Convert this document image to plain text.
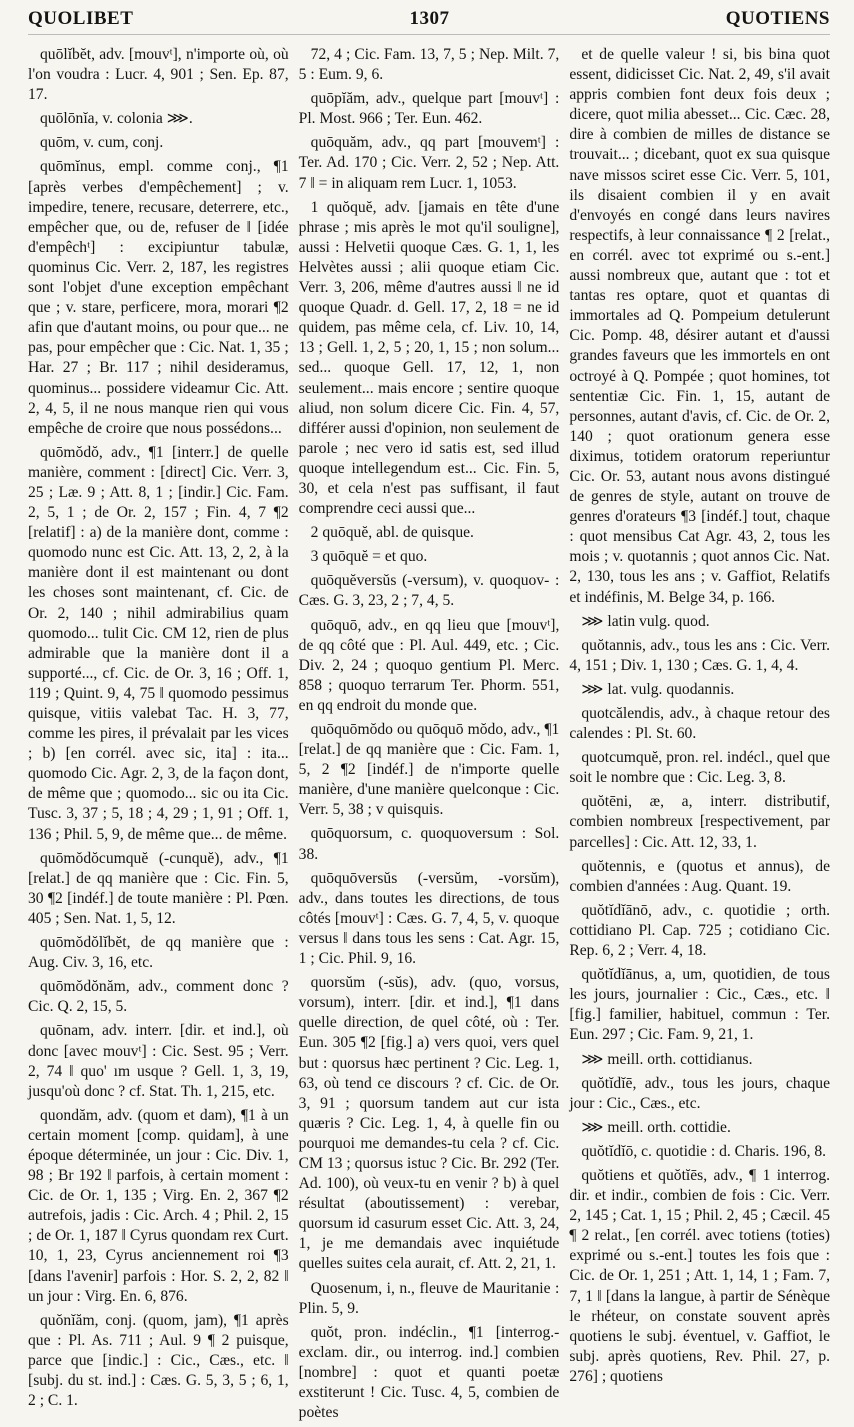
QUOLIBET	1307	QUOTIENS

quōlĭbĕt, adv. [mouvᵗ], n'importe où, où l'on voudra : Lucr. 4, 901 ; Sen. Ep. 87, 17.

quōlōnĭa, v. colonia ⋙.

quōm, v. cum, conj.

quōmĭnus, empl. comme conj., ¶1 [après verbes d'empêchement] ; v. impedire, tenere, recusare, deterrere, etc., empêcher que, ou de, refuser de ‖ [idée d'empêchᵗ] : excipiuntur tabulæ, quominus Cic. Verr. 2, 187, les registres sont l'objet d'une exception empêchant que ; v. stare, perficere, mora, morari ¶2 afin que d'autant moins, ou pour que... ne pas, pour empêcher que : Cic. Nat. 1, 35 ; Har. 27 ; Br. 117 ; nihil desideramus, quominus... possidere videamur Cic. Att. 2, 4, 5, il ne nous manque rien qui vous empêche de croire que nous possédons...

quōmŏdŏ, adv., ¶1 [interr.] de quelle manière, comment : [direct] Cic. Verr. 3, 25 ; Læ. 9 ; Att. 8, 1 ; [indir.] Cic. Fam. 2, 5, 1 ; de Or. 2, 157 ; Fin. 4, 7 ¶2 [relatif] : a) de la manière dont, comme : quomodo nunc est Cic. Att. 13, 2, 2, à la manière dont il est maintenant ou dont les choses sont maintenant, cf. Cic. de Or. 2, 140 ; nihil admirabilius quam quomodo... tulit Cic. CM 12, rien de plus admirable que la manière dont il a supporté..., cf. Cic. de Or. 3, 16 ; Off. 1, 119 ; Quint. 9, 4, 75 ‖ quomodo pessimus quisque, vitiis valebat Tac. H. 3, 77, comme les pires, il prévalait par les vices ; b) [en corrél. avec sic, ita] : ita... quomodo Cic. Agr. 2, 3, de la façon dont, de même que ; quomodo... sic ou ita Cic. Tusc. 3, 37 ; 5, 18 ; 4, 29 ; 1, 91 ; Off. 1, 136 ; Phil. 5, 9, de même que... de même.

quōmŏdŏcumquĕ (-cunquĕ), adv., ¶1 [relat.] de qq manière que : Cic. Fin. 5, 30 ¶2 [indéf.] de toute manière : Pl. Pœn. 405 ; Sen. Nat. 1, 5, 12.

quōmŏdŏlĭbĕt, de qq manière que : Aug. Civ. 3, 16, etc.

quōmŏdŏnăm, adv., comment donc ? Cic. Q. 2, 15, 5.

quōnam, adv. interr. [dir. et ind.], où donc [avec mouvᵗ] : Cic. Sest. 95 ; Verr. 2, 74 ‖ quo' ım usque ? Gell. 1, 3, 19, jusqu'où donc ? cf. Stat. Th. 1, 215, etc.

quondăm, adv. (quom et dam), ¶1 à un certain moment [comp. quidam], à une époque déterminée, un jour : Cic. Div. 1, 98 ; Br 192 ‖ parfois, à certain moment : Cic. de Or. 1, 135 ; Virg. En. 2, 367 ¶2 autrefois, jadis : Cic. Arch. 4 ; Phil. 2, 15 ; de Or. 1, 187 ‖ Cyrus quondam rex Curt. 10, 1, 23, Cyrus anciennement roi ¶3 [dans l'avenir] parfois : Hor. S. 2, 2, 82 ‖ un jour : Virg. En. 6, 876.

quŏnĭăm, conj. (quom, jam), ¶1 après que : Pl. As. 711 ; Aul. 9 ¶ 2 puisque, parce que [indic.] : Cic., Cæs., etc. ‖ [subj. du st. ind.] : Cæs. G. 5, 3, 5 ; 6, 1, 2 ; C. 1.

72, 4 ; Cic. Fam. 13, 7, 5 ; Nep. Milt. 7, 5 : Eum. 9, 6.

quōpĭăm, adv., quelque part [mouvᵗ] : Pl. Most. 966 ; Ter. Eun. 462.

quōquăm, adv., qq part [mouvemᵗ] : Ter. Ad. 170 ; Cic. Verr. 2, 52 ; Nep. Att. 7 ‖ = in aliquam rem Lucr. 1, 1053.

1 quŏquĕ, adv. [jamais en tête d'une phrase ; mis après le mot qu'il souligne], aussi : Helvetii quoque Cæs. G. 1, 1, les Helvètes aussi ; alii quoque etiam Cic. Verr. 3, 206, même d'autres aussi ‖ ne id quoque Quadr. d. Gell. 17, 2, 18 = ne id quidem, pas même cela, cf. Liv. 10, 14, 13 ; Gell. 1, 2, 5 ; 20, 1, 15 ; non solum... sed... quoque Gell. 17, 12, 1, non seulement... mais encore ; sentire quoque aliud, non solum dicere Cic. Fin. 4, 57, différer aussi d'opinion, non seulement de parole ; nec vero id satis est, sed illud quoque intellegendum est... Cic. Fin. 5, 30, et cela n'est pas suffisant, il faut comprendre ceci aussi que...

2 quōquĕ, abl. de quisque.

3 quōquĕ = et quo.

quōquĕversŭs (-versum), v. quoquov- : Cæs. G. 3, 23, 2 ; 7, 4, 5.

quōquō, adv., en qq lieu que [mouvᵗ], de qq côté que : Pl. Aul. 449, etc. ; Cic. Div. 2, 24 ; quoquo gentium Pl. Merc. 858 ; quoquo terrarum Ter. Phorm. 551, en qq endroit du monde que.

quōquōmŏdo ou quōquō mŏdo, adv., ¶1 [relat.] de qq manière que : Cic. Fam. 1, 5, 2 ¶2 [indéf.] de n'importe quelle manière, d'une manière quelconque : Cic. Verr. 5, 38 ; v quisquis.

quōquorsum, c. quoquoversum : Sol. 38.

quōquōversŭs (-versŭm, -vorsŭm), adv., dans toutes les directions, de tous côtés [mouvᵗ] : Cæs. G. 7, 4, 5, v. quoque versus ‖ dans tous les sens : Cat. Agr. 15, 1 ; Cic. Phil. 9, 16.

quorsŭm (-sŭs), adv. (quo, vorsus, vorsum), interr. [dir. et ind.], ¶1 dans quelle direction, de quel côté, où : Ter. Eun. 305 ¶2 [fig.] a) vers quoi, vers quel but : quorsus hæc pertinent ? Cic. Leg. 1, 63, où tend ce discours ? cf. Cic. de Or. 3, 91 ; quorsum tandem aut cur ista quæris ? Cic. Leg. 1, 4, à quelle fin ou pourquoi me demandes-tu cela ? cf. Cic. CM 13 ; quorsus istuc ? Cic. Br. 292 (Ter. Ad. 100), où veux-tu en venir ? b) à quel résultat (aboutissement) : verebar, quorsum id casurum esset Cic. Att. 3, 24, 1, je me demandais avec inquiétude quelles suites cela aurait, cf. Att. 2, 21, 1.

Quosenum, i, n., fleuve de Mauritanie : Plin. 5, 9.

quŏt, pron. indéclin., ¶1 [interrog.-exclam. dir., ou interrog. ind.] combien [nombre] : quot et quanti poetæ exstiterunt ! Cic. Tusc. 4, 5, combien de poètes

et de quelle valeur ! si, bis bina quot essent, didicisset Cic. Nat. 2, 49, s'il avait appris combien font deux fois deux ; dicere, quot milia abesset... Cic. Cæc. 28, dire à combien de milles de distance se trouvait... ; dicebant, quot ex sua quisque nave missos sciret esse Cic. Verr. 5, 101, ils disaient combien il y en avait d'envoyés en congé dans leurs navires respectifs, à leur connaissance ¶ 2 [relat., en corrél. avec tot exprimé ou s.-ent.] aussi nombreux que, autant que : tot et tantas res optare, quot et quantas di immortales ad Q. Pompeium detulerunt Cic. Pomp. 48, désirer autant et d'aussi grandes faveurs que les immortels en ont octroyé à Q. Pompée ; quot homines, tot sententiæ Cic. Fin. 1, 15, autant de personnes, autant d'avis, cf. Cic. de Or. 2, 140 ; quot orationum genera esse diximus, totidem oratorum reperiuntur Cic. Or. 53, autant nous avons distingué de genres de style, autant on trouve de genres d'orateurs ¶3 [indéf.] tout, chaque : quot mensibus Cat Agr. 43, 2, tous les mois ; v. quotannis ; quot annos Cic. Nat. 2, 130, tous les ans ; v. Gaffiot, Relatifs et indéfinis, M. Belge 34, p. 166.

⋙ latin vulg. quod.

quŏtannis, adv., tous les ans : Cic. Verr. 4, 151 ; Div. 1, 130 ; Cæs. G. 1, 4, 4.

⋙ lat. vulg. quodannis.

quotcălendis, adv., à chaque retour des calendes : Pl. St. 60.

quotcumquĕ, pron. rel. indécl., quel que soit le nombre que : Cic. Leg. 3, 8.

quŏtēni, æ, a, interr. distributif, combien nombreux [respectivement, par parcelles] : Cic. Att. 12, 33, 1.

quŏtennis, e (quotus et annus), de combien d'années : Aug. Quant. 19.

quŏtĭdĭānō, adv., c. quotidie ; orth. cottidiano Pl. Cap. 725 ; cotidiano Cic. Rep. 6, 2 ; Verr. 4, 18.

quŏtĭdĭānus, a, um, quotidien, de tous les jours, journalier : Cic., Cæs., etc. ‖ [fig.] familier, habituel, commun : Ter. Eun. 297 ; Cic. Fam. 9, 21, 1.

⋙ meill. orth. cottidianus.

quŏtĭdĭē, adv., tous les jours, chaque jour : Cic., Cæs., etc.

⋙ meill. orth. cottidie.

quŏtĭdĭō, c. quotidie : d. Charis. 196, 8.

quŏtiens et quŏtĭēs, adv., ¶ 1 interrog. dir. et indir., combien de fois : Cic. Verr. 2, 145 ; Cat. 1, 15 ; Phil. 2, 45 ; Cæcil. 45 ¶ 2 relat., [en corrél. avec totiens (toties) exprimé ou s.-ent.] toutes les fois que : Cic. de Or. 1, 251 ; Att. 1, 14, 1 ; Fam. 7, 7, 1 ‖ [dans la langue, à partir de Sénèque le rhéteur, on constate souvent après quotiens le subj. éventuel, v. Gaffiot, le subj. après quotiens, Rev. Phil. 27, p. 276] ; quotiens
